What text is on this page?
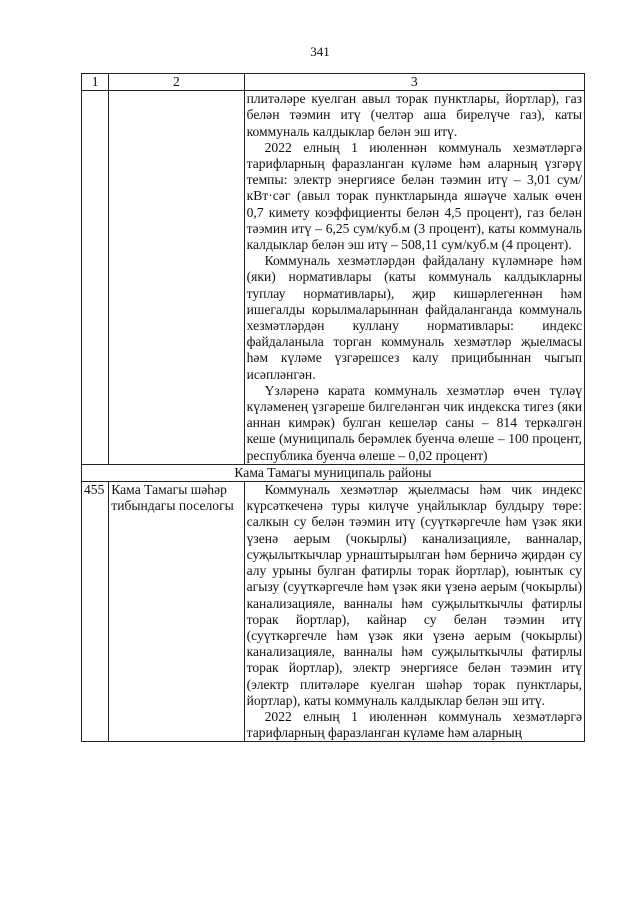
341
1	2	3

		плитәләре куелган авыл торак пунктлары, йортлар), газ белән тәэмин итү (челтәр аша бирелүче газ), каты коммуналь калдыклар белән эш итү.

2022 елның 1 июленнән коммуналь хезмәтләргә тарифларның фаразланган күләме һәм аларның үзгәрү темпы: электр энергиясе белән тәэмин итү – 3,01 сум/кВт·сәг (авыл торак пунктларында яшәүче халык өчен 0,7 кимету коэффициенты белән 4,5 процент), газ белән тәэмин итү – 6,25 сум/куб.м (3 процент), каты коммуналь калдыклар белән эш итү – 508,11 сум/куб.м (4 процент).

Коммуналь хезмәтләрдән файдалану күләмнәре һәм (яки) нормативлары (каты коммуналь калдыкларны туплау нормативлары), җир кишәрлегеннән һәм ишегалды корылмаларыннан файдаланганда коммуналь хезмәтләрдән куллану нормативлары: индекс файдаланыла торган коммуналь хезмәтләр җыелмасы һәм күләме үзгәрешсез калу прицибыннан чыгып исәпләнгән.

Үзләренә карата коммуналь хезмәтләр өчен түләү күләменең үзгәреше билгеләнгән чик индекска тигез (яки аннан кимрәк) булган кешеләр саны – 814 теркәлгән кеше (муниципаль берәмлек буенча өлеше – 100 процент, республика буенча өлеше – 0,02 процент)

Кама Тамагы муниципаль районы		
455	Кама Тамагы шәһәр тибындагы поселогы	Коммуналь хезмәтләр җыелмасы һәм чик индекс күрсәткеченә туры килүче уңайлыклар булдыру төре: салкын су белән тәэмин итү (суүткәргечле һәм үзәк яки үзенә аерым (чокырлы) канализацияле, ванналар, суҗылыткычлар урнаштырылган һәм берничә җирдән су алу урыны булган фатирлы торак йортлар), юынтык су агызу (суүткәргечле һәм үзәк яки үзенә аерым (чокырлы) канализацияле, ванналы һәм суҗылыткычлы фатирлы торак йортлар), кайнар су белән тәэмин итү (суүткәргечле һәм үзәк яки үзенә аерым (чокырлы) канализацияле, ванналы һәм суҗылыткычлы фатирлы торак йортлар), электр энергиясе белән тәэмин итү (электр плитәләре куелган шәһәр торак пунктлары, йортлар), каты коммуналь калдыклар белән эш итү.

2022 елның 1 июленнән коммуналь хезмәтләргә тарифларның фаразланган күләме һәм аларның
